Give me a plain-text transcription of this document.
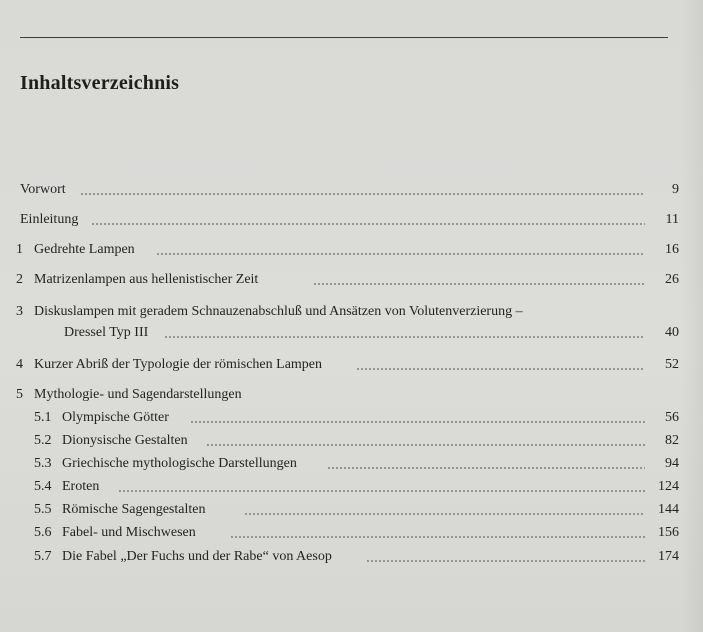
Inhaltsverzeichnis
Vorwort	9
Einleitung	11
1 Gedrehte Lampen	16
2 Matrizenlampen aus hellenistischer Zeit	26
3 Diskuslampen mit geradem Schnauzenabschluß und Ansätzen von Volutenverzierung –
Dressel Typ III	40
4 Kurzer Abriß der Typologie der römischen Lampen	52
5 Mythologie- und Sagendarstellungen
5.1 Olympische Götter	56
5.2 Dionysische Gestalten	82
5.3 Griechische mythologische Darstellungen	94
5.4 Eroten	124
5.5 Römische Sagengestalten	144
5.6 Fabel- und Mischwesen	156
5.7 Die Fabel „Der Fuchs und der Rabe“ von Aesop	174
